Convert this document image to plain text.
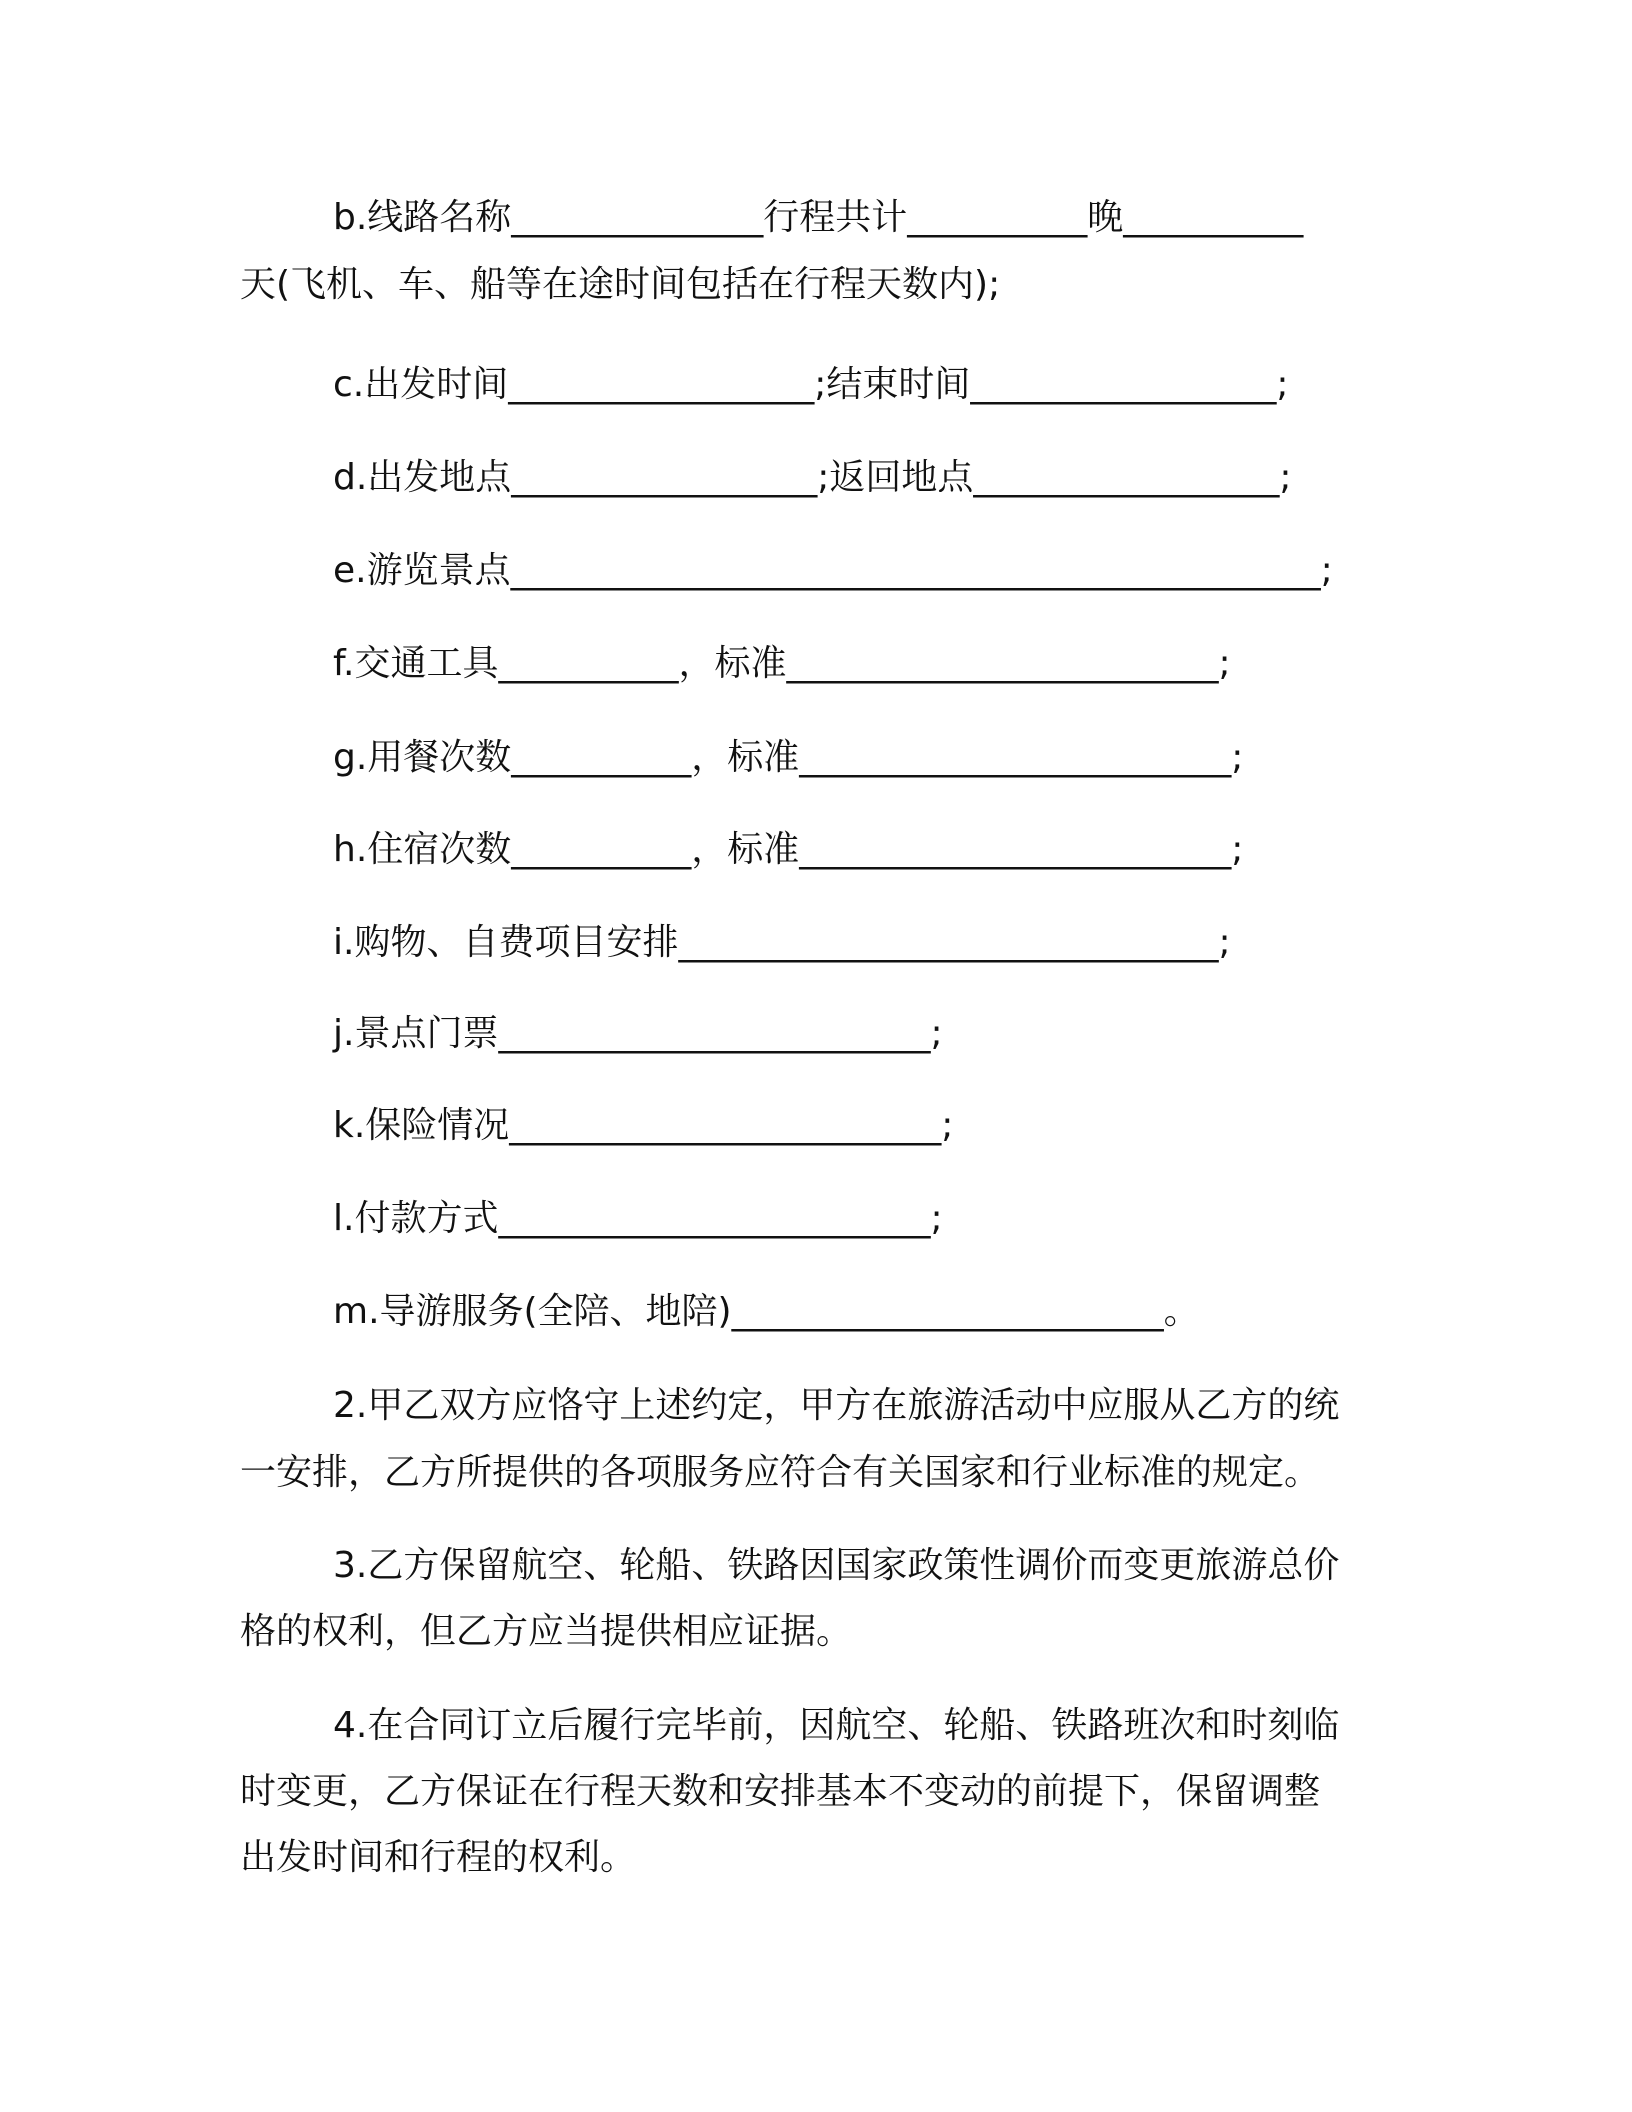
b.线路名称______________行程共计__________晚__________
天(飞机、车、船等在途时间包括在行程天数内);
c.出发时间_________________;结束时间_________________;
d.出发地点_________________;返回地点_________________;
e.游览景点_____________________________________________;
f.交通工具__________，标准________________________;
g.用餐次数__________，标准________________________;
h.住宿次数__________，标准________________________;
i.购物、自费项目安排______________________________;
j.景点门票________________________;
k.保险情况________________________;
l.付款方式________________________;
m.导游服务(全陪、地陪)________________________。
2.甲乙双方应恪守上述约定，甲方在旅游活动中应服从乙方的统
一安排，乙方所提供的各项服务应符合有关国家和行业标准的规定。
3.乙方保留航空、轮船、铁路因国家政策性调价而变更旅游总价
格的权利，但乙方应当提供相应证据。
4.在合同订立后履行完毕前，因航空、轮船、铁路班次和时刻临
时变更，乙方保证在行程天数和安排基本不变动的前提下，保留调整
出发时间和行程的权利。
